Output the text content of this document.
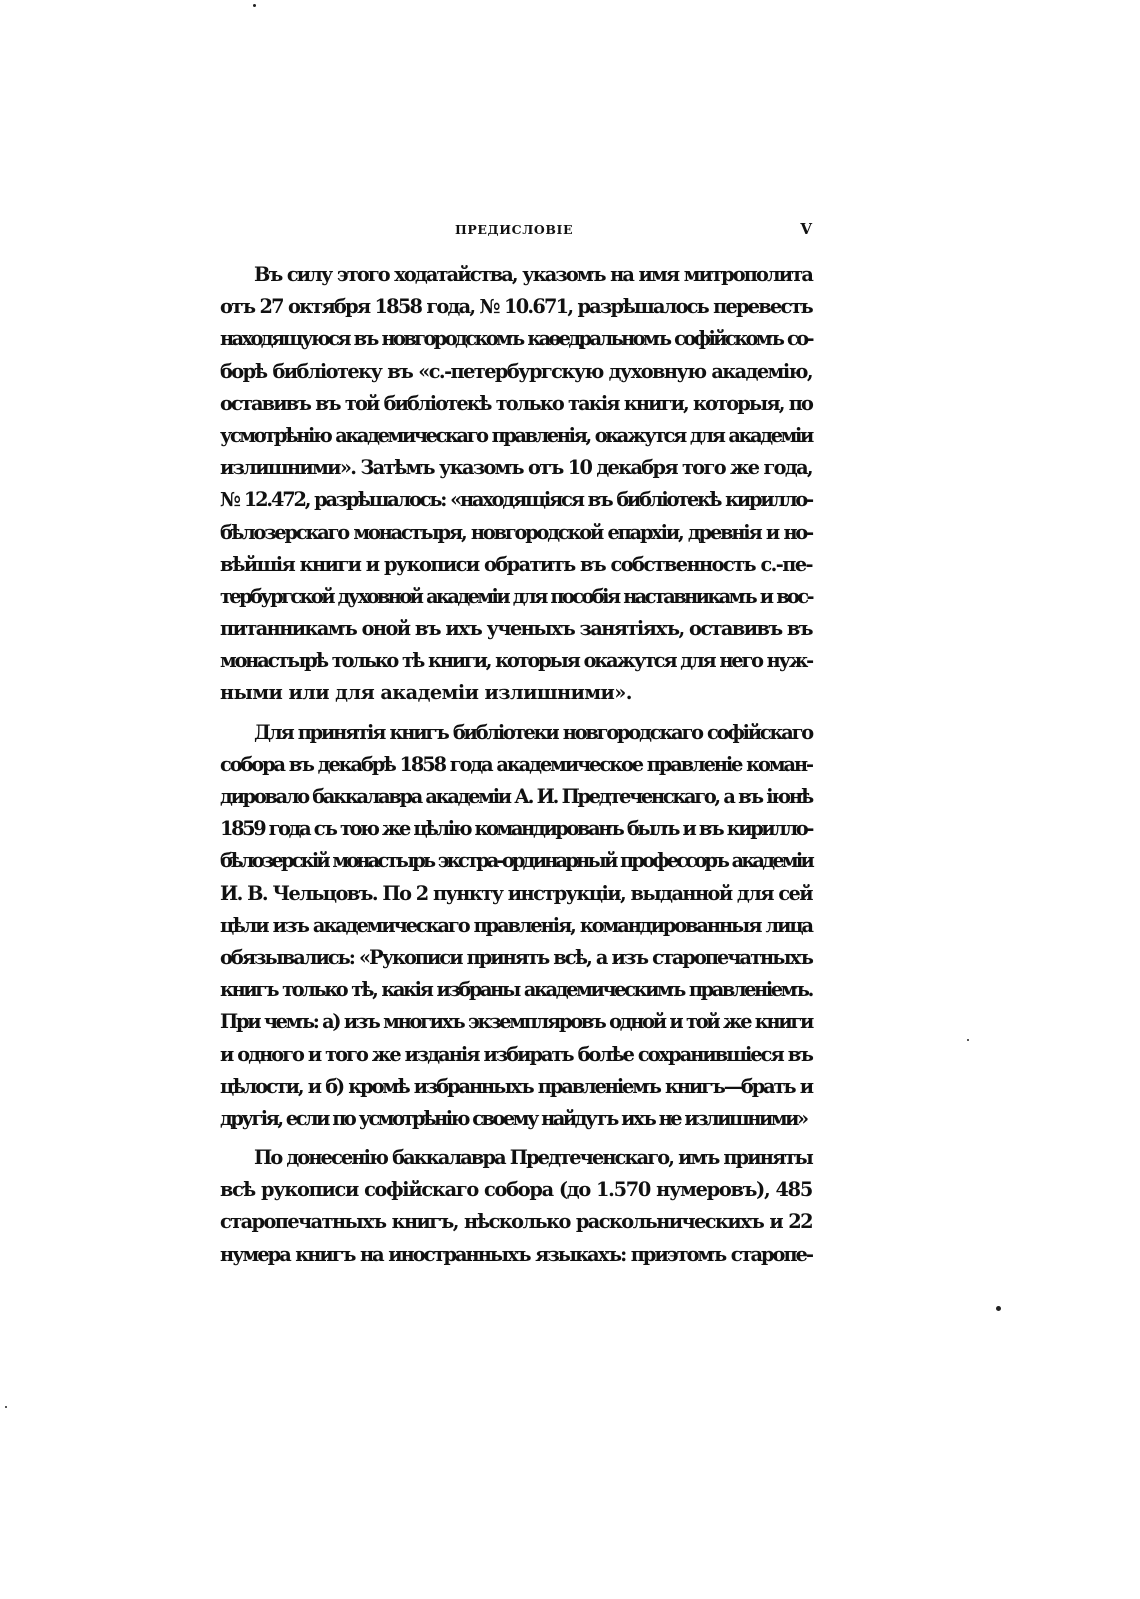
ПРЕДИСЛОВІЕ	V
Въ силу этого ходатайства, указомъ на имя митрополита
отъ 27 октября 1858 года, № 10.671, разрѣшалось перевесть
находящуюся въ новгородскомъ каѳедральномъ софійскомъ со-
борѣ библіотеку въ «с.-петербургскую духовную академію,
оставивъ въ той библіотекѣ только такія книги, которыя, по
усмотрѣнію академическаго правленія, окажутся для академіи
излишними». Затѣмъ указомъ отъ 10 декабря того же года,
№ 12.472, разрѣшалось: «находящіяся въ библіотекѣ кирилло-
бѣлозерскаго монастыря, новгородской епархіи, древнія и но-
вѣйшія книги и рукописи обратить въ собственность с.-пе-
тербургской духовной академіи для пособія наставникамъ и вос-
питанникамъ оной въ ихъ ученыхъ занятіяхъ, оставивъ въ
монастырѣ только тѣ книги, которыя окажутся для него нуж-
ными или для академіи излишними».
Для принятія книгъ библіотеки новгородскаго софійскаго
собора въ декабрѣ 1858 года академическое правленіе коман-
дировало баккалавра академіи А. И. Предтеченскаго, а въ іюнѣ
1859 года съ тою же цѣлію командированъ былъ и въ кирилло-
бѣлозерскій монастырь экстра-ординарный профессоръ академіи
И. В. Чельцовъ. По 2 пункту инструкціи, выданной для сей
цѣли изъ академическаго правленія, командированныя лица
обязывались: «Рукописи принять всѣ, а изъ старопечатныхъ
книгъ только тѣ, какія избраны академическимъ правленіемъ.
При чемъ: а) изъ многихъ экземпляровъ одной и той же книги
и одного и того же изданія избирать болѣе сохранившіеся въ
цѣлости, и б) кромѣ избранныхъ правленіемъ книгъ—брать и
другія, если по усмотрѣнію своему найдутъ ихъ не излишними»
По донесенію баккалавра Предтеченскаго, имъ приняты
всѣ рукописи софійскаго собора (до 1.570 нумеровъ), 485
старопечатныхъ книгъ, нѣсколько раскольническихъ и 22
нумера книгъ на иностранныхъ языкахъ: приэтомъ старопе-
